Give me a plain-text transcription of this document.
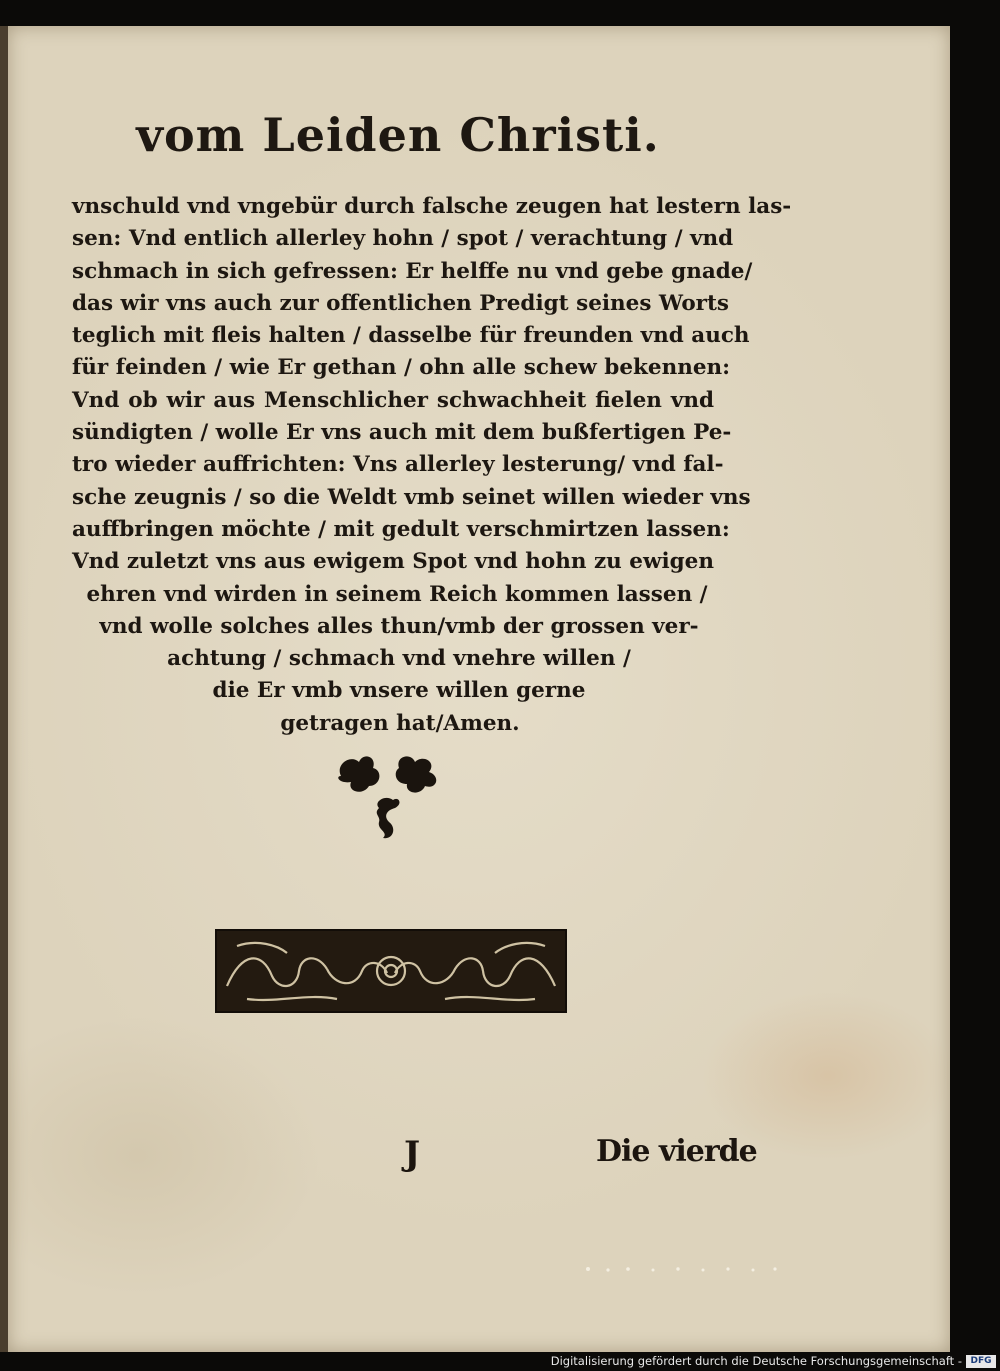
vom Leiden Christi.
vnschuld vnd vngebür durch falsche zeugen hat lestern las-
sen: Vnd entlich allerley hohn / spot / verachtung / vnd
schmach in sich gefressen: Er helffe nu vnd gebe gnade/
das wir vns auch zur offentlichen Predigt seines Worts
teglich mit fleis halten / dasselbe für freunden vnd auch
für feinden / wie Er gethan / ohn alle schew bekennen:
Vnd ob wir aus Menschlicher schwachheit fielen vnd
sündigten / wolle Er vns auch mit dem bußfertigen Pe-
tro wieder auffrichten: Vns allerley lesterung/ vnd fal-
sche zeugnis / so die Weldt vmb seinet willen wieder vns
auffbringen möchte / mit gedult verschmirtzen lassen:
Vnd zuletzt vns aus ewigem Spot vnd hohn zu ewigen
ehren vnd wirden in seinem Reich kommen lassen /
vnd wolle solches alles thun/vmb der grossen ver-
achtung / schmach vnd vnehre willen /
die Er vmb vnsere willen gerne
getragen hat/Amen.
J	Die vierde
Digitalisierung gefördert durch die Deutsche Forschungsgemeinschaft - DFG
